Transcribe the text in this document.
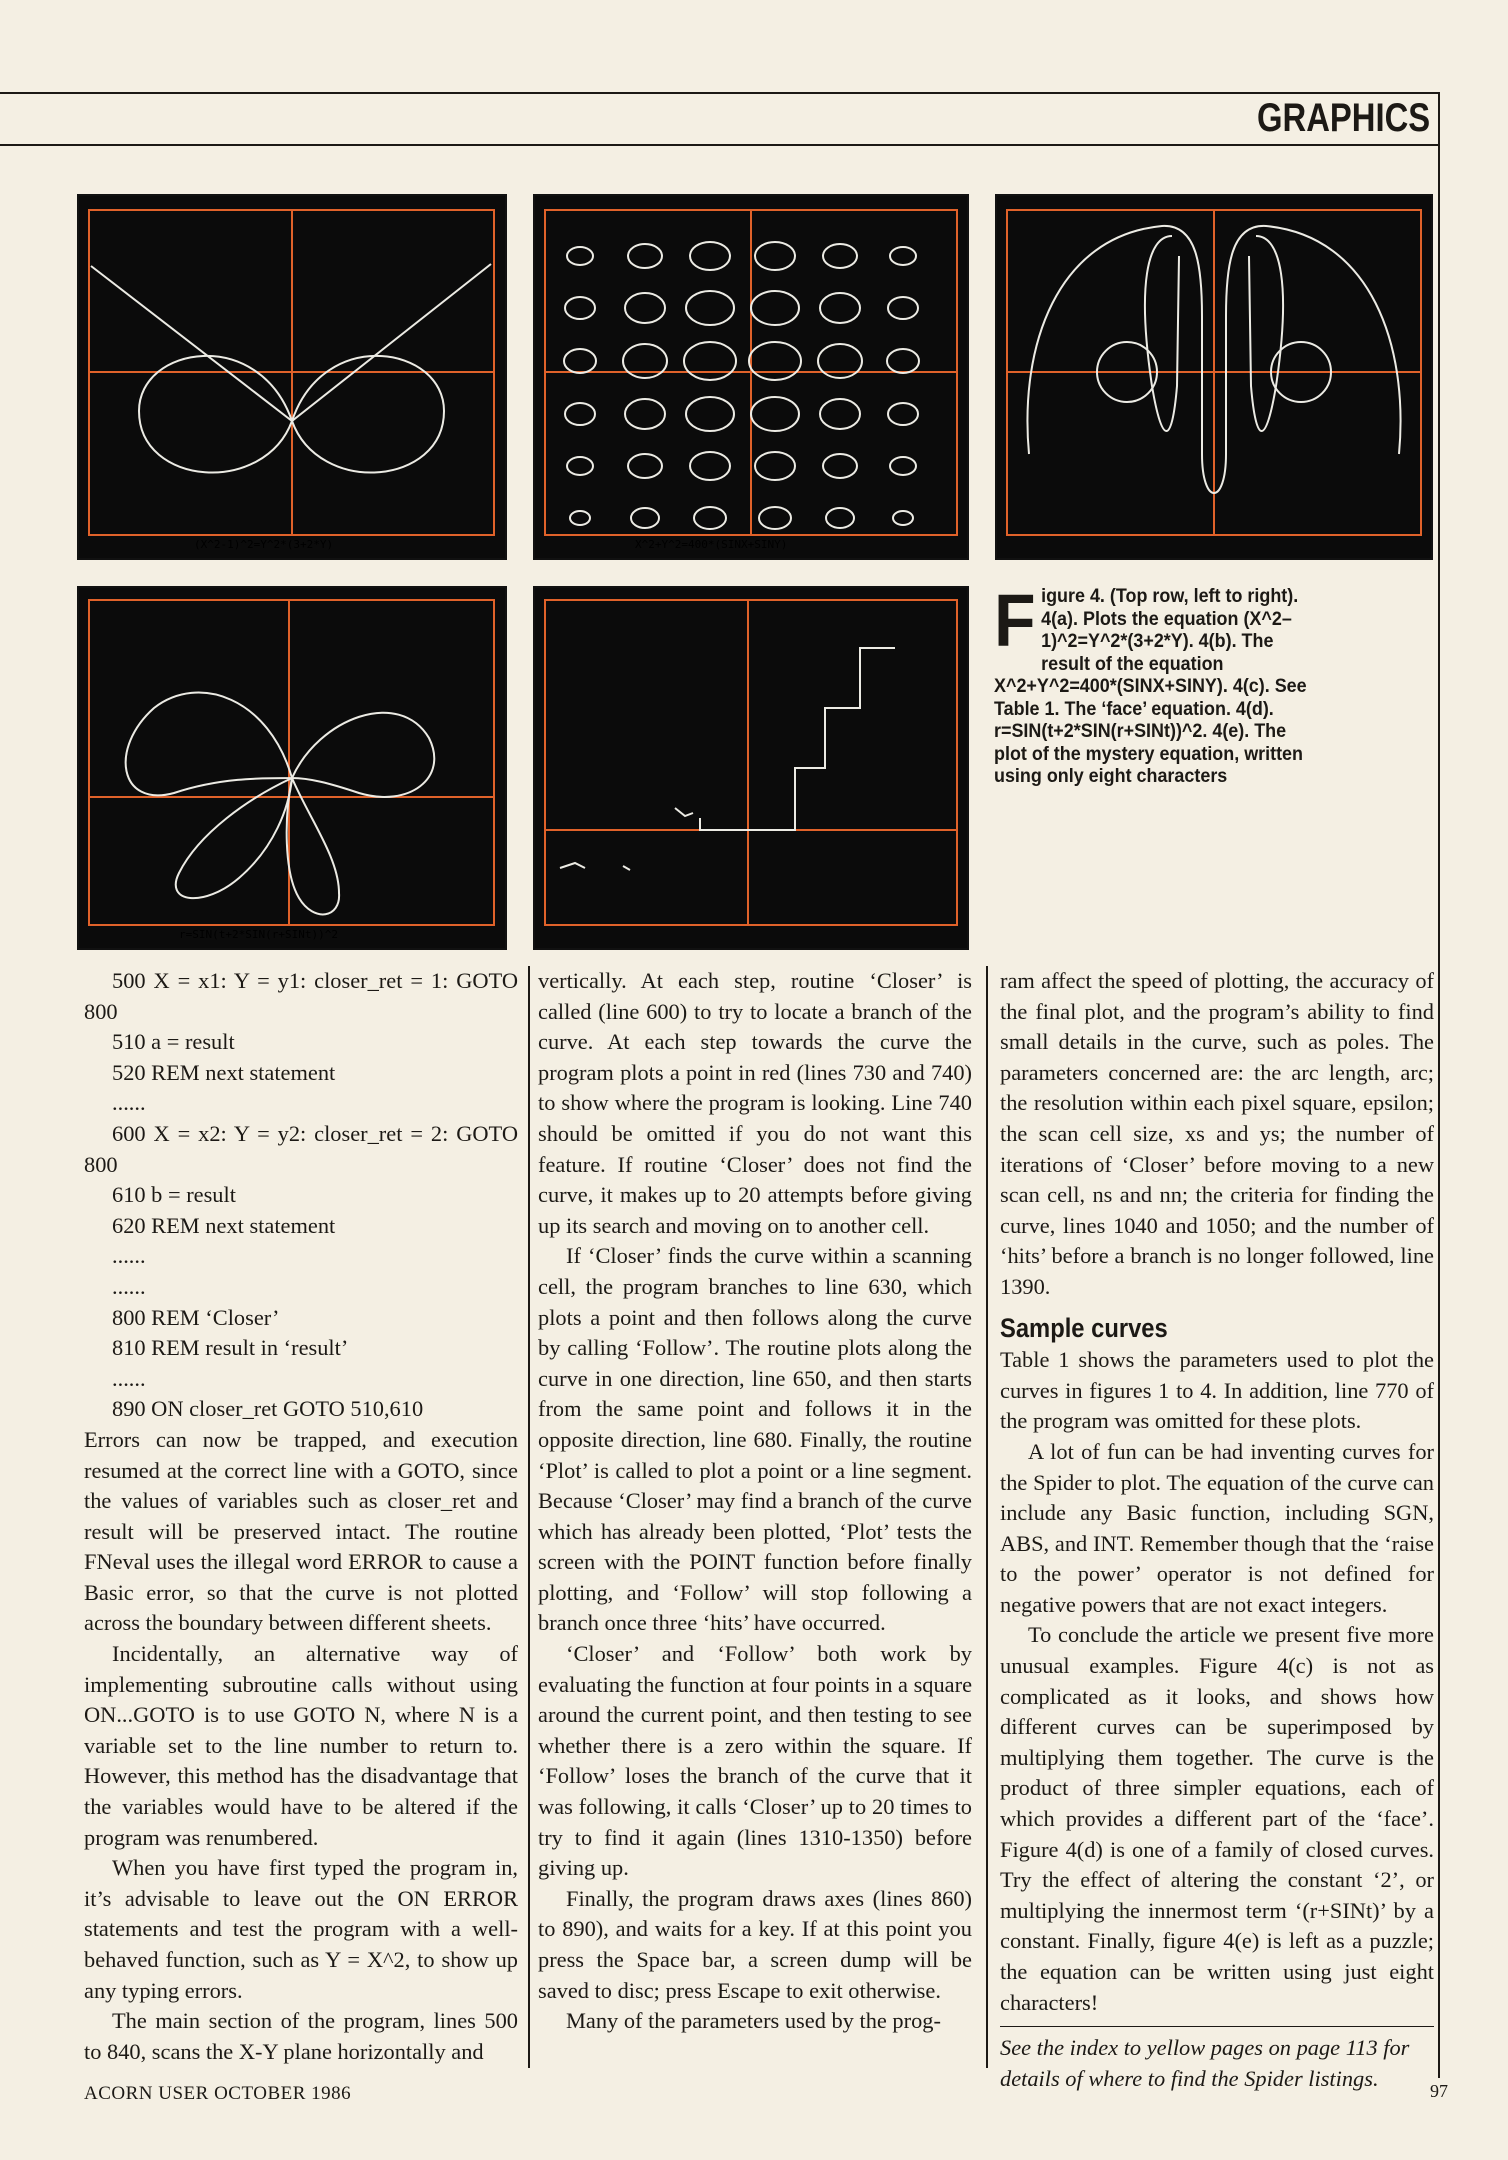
GRAPHICS
(X^2-1)^2=Y^2*(3+2*Y)	X^2+Y^2=400*(SINX+SINY)
r=SIN(t+2*SIN(r+SINt))^2
F igure 4. (Top row, left to right). 4(a). Plots the equation (X^2–1)^2=Y^2*(3+2*Y). 4(b). The result of the equation X^2+Y^2=400*(SINX+SINY). 4(c). See Table 1. The ‘face’ equation. 4(d). r=SIN(t+2*SIN(r+SINt))^2. 4(e). The plot of the mystery equation, written using only eight characters

500 X = x1: Y = y1: closer_ret = 1: GOTO 800

510 a = result

520 REM next statement

......

600 X = x2: Y = y2: closer_ret = 2: GOTO 800

610 b = result

620 REM next statement

......

......

800 REM ‘Closer’

810 REM result in ‘result’

......

890 ON closer_ret GOTO 510,610

Errors can now be trapped, and execution resumed at the correct line with a GOTO, since the values of variables such as closer_ret and result will be preserved intact. The routine FNeval uses the illegal word ERROR to cause a Basic error, so that the curve is not plotted across the boundary between different sheets.

Incidentally, an alternative way of implementing subroutine calls without using ON...GOTO is to use GOTO N, where N is a variable set to the line number to return to. However, this method has the disadvantage that the variables would have to be altered if the program was renumbered.

When you have first typed the program in, it’s advisable to leave out the ON ERROR statements and test the program with a well-behaved function, such as Y = X^2, to show up any typing errors.

The main section of the program, lines 500 to 840, scans the X-Y plane horizontally and

vertically. At each step, routine ‘Closer’ is called (line 600) to try to locate a branch of the curve. At each step towards the curve the program plots a point in red (lines 730 and 740) to show where the program is looking. Line 740 should be omitted if you do not want this feature. If routine ‘Closer’ does not find the curve, it makes up to 20 attempts before giving up its search and moving on to another cell.

If ‘Closer’ finds the curve within a scanning cell, the program branches to line 630, which plots a point and then follows along the curve by calling ‘Follow’. The routine plots along the curve in one direction, line 650, and then starts from the same point and follows it in the opposite direction, line 680. Finally, the routine ‘Plot’ is called to plot a point or a line segment. Because ‘Closer’ may find a branch of the curve which has already been plotted, ‘Plot’ tests the screen with the POINT function before finally plotting, and ‘Follow’ will stop following a branch once three ‘hits’ have occurred.

‘Closer’ and ‘Follow’ both work by evaluating the function at four points in a square around the current point, and then testing to see whether there is a zero within the square. If ‘Follow’ loses the branch of the curve that it was following, it calls ‘Closer’ up to 20 times to try to find it again (lines 1310-1350) before giving up.

Finally, the program draws axes (lines 860) to 890), and waits for a key. If at this point you press the Space bar, a screen dump will be saved to disc; press Escape to exit otherwise.

Many of the parameters used by the prog-

ram affect the speed of plotting, the accuracy of the final plot, and the program’s ability to find small details in the curve, such as poles. The parameters concerned are: the arc length, arc; the resolution within each pixel square, epsilon; the scan cell size, xs and ys; the number of iterations of ‘Closer’ before moving to a new scan cell, ns and nn; the criteria for finding the curve, lines 1040 and 1050; and the number of ‘hits’ before a branch is no longer followed, line 1390.

Sample curves

Table 1 shows the parameters used to plot the curves in figures 1 to 4. In addition, line 770 of the program was omitted for these plots.

A lot of fun can be had inventing curves for the Spider to plot. The equation of the curve can include any Basic function, including SGN, ABS, and INT. Remember though that the ‘raise to the power’ operator is not defined for negative powers that are not exact integers.

To conclude the article we present five more unusual examples. Figure 4(c) is not as complicated as it looks, and shows how different curves can be superimposed by multiplying them together. The curve is the product of three simpler equations, each of which provides a different part of the ‘face’. Figure 4(d) is one of a family of closed curves. Try the effect of altering the constant ‘2’, or multiplying the innermost term ‘(r+SINt)’ by a constant. Finally, figure 4(e) is left as a puzzle; the equation can be written using just eight characters!

See the index to yellow pages on page 113 for details of where to find the Spider listings.

ACORN USER OCTOBER 1986	97
